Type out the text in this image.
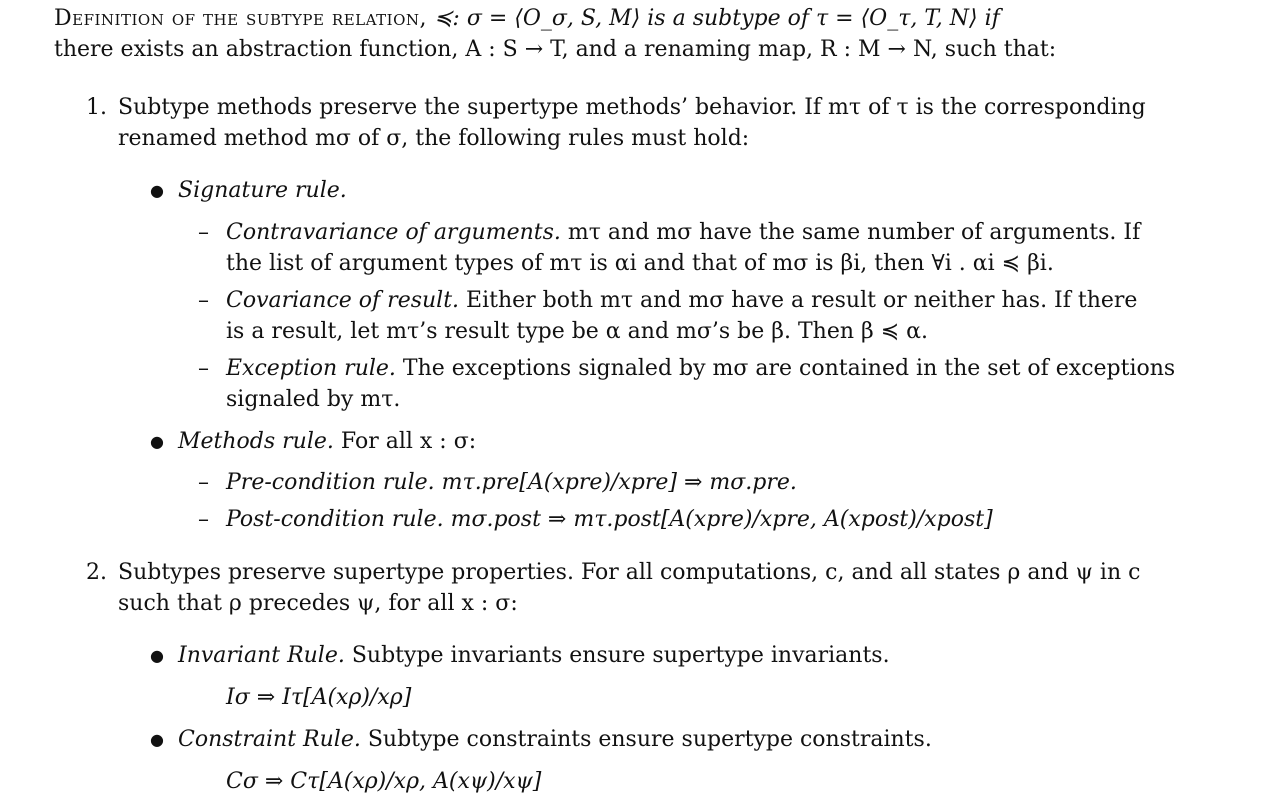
Definition of the subtype relation, ≼: σ = ⟨O_σ, S, M⟩ is a subtype of τ = ⟨O_τ, T, N⟩ if
there exists an abstraction function, A : S → T, and a renaming map, R : M → N, such that:
1. Subtype methods preserve the supertype methods’ behavior. If mτ of τ is the corresponding
renamed method mσ of σ, the following rules must hold:
● Signature rule.
– Contravariance of arguments. mτ and mσ have the same number of arguments. If
the list of argument types of mτ is αi and that of mσ is βi, then ∀i . αi ≼ βi.
– Covariance of result. Either both mτ and mσ have a result or neither has. If there
is a result, let mτ’s result type be α and mσ’s be β. Then β ≼ α.
– Exception rule. The exceptions signaled by mσ are contained in the set of exceptions
signaled by mτ.
● Methods rule. For all x : σ:
– Pre-condition rule. mτ.pre[A(xpre)/xpre] ⇒ mσ.pre.
– Post-condition rule. mσ.post ⇒ mτ.post[A(xpre)/xpre, A(xpost)/xpost]
2. Subtypes preserve supertype properties. For all computations, c, and all states ρ and ψ in c
such that ρ precedes ψ, for all x : σ:
● Invariant Rule. Subtype invariants ensure supertype invariants.
Iσ ⇒ Iτ[A(xρ)/xρ]
● Constraint Rule. Subtype constraints ensure supertype constraints.
Cσ ⇒ Cτ[A(xρ)/xρ, A(xψ)/xψ]
